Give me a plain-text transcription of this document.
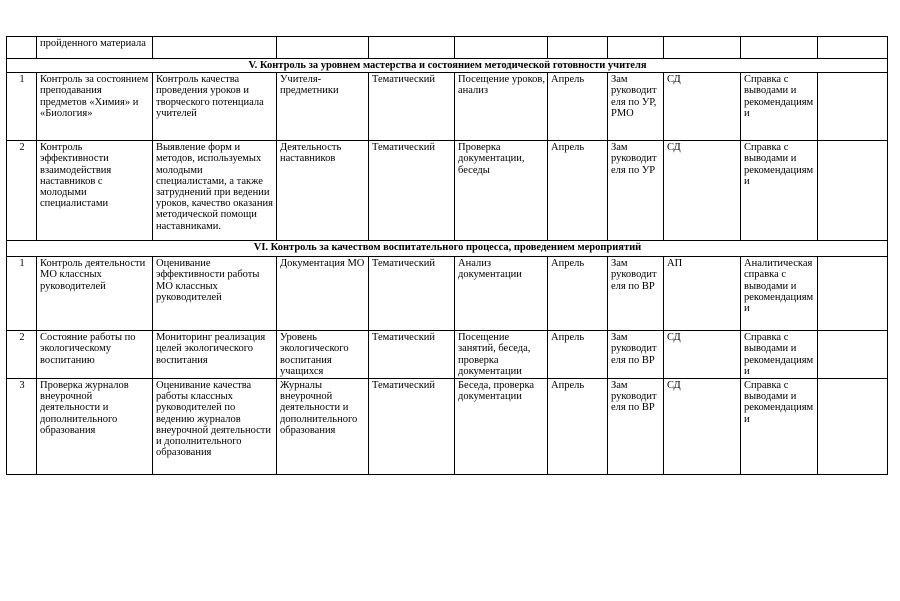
	пройденного материала									
V. Контроль за уровнем мастерства и состоянием методической готовности учителя										
1	Контроль за состоянием преподавания предметов «Химия» и «Биология»	Контроль качества проведения уроков и творческого потенциала учителей	Учителя-предметники	Тематический	Посещение уроков, анализ	Апрель	Зам руководителя по УР, РМО	СД	Справка с выводами и рекомендациями	
2	Контроль эффективности взаимодействия наставников с молодыми специалистами	Выявление форм и методов, используемых молодыми специалистами, а также затруднений при ведении уроков, качество оказания методической помощи наставниками.	Деятельность наставников	Тематический	Проверка документации, беседы	Апрель	Зам руководителя по УР	СД	Справка с выводами и рекомендациями	
VI. Контроль за качеством воспитательного процесса, проведением мероприятий										
1	Контроль деятельности МО классных руководителей	Оценивание эффективности работы МО классных руководителей	Документация МО	Тематический	Анализ документации	Апрель	Зам руководителя по ВР	АП	Аналитическая справка с выводами и рекомендациями	
2	Состояние работы по экологическому воспитанию	Мониторинг реализация целей экологического воспитания	Уровень экологического воспитания учащихся	Тематический	Посещение занятий, беседа, проверка документации	Апрель	Зам руководителя по ВР	СД	Справка с выводами и рекомендациями	
3	Проверка журналов внеурочной деятельности и дополнительного образования	Оценивание качества работы классных руководителей по ведению журналов внеурочной деятельности и дополнительного образования	Журналы внеурочной деятельности и дополнительного образования	Тематический	Беседа, проверка документации	Апрель	Зам руководителя по ВР	СД	Справка с выводами и рекомендациями	
